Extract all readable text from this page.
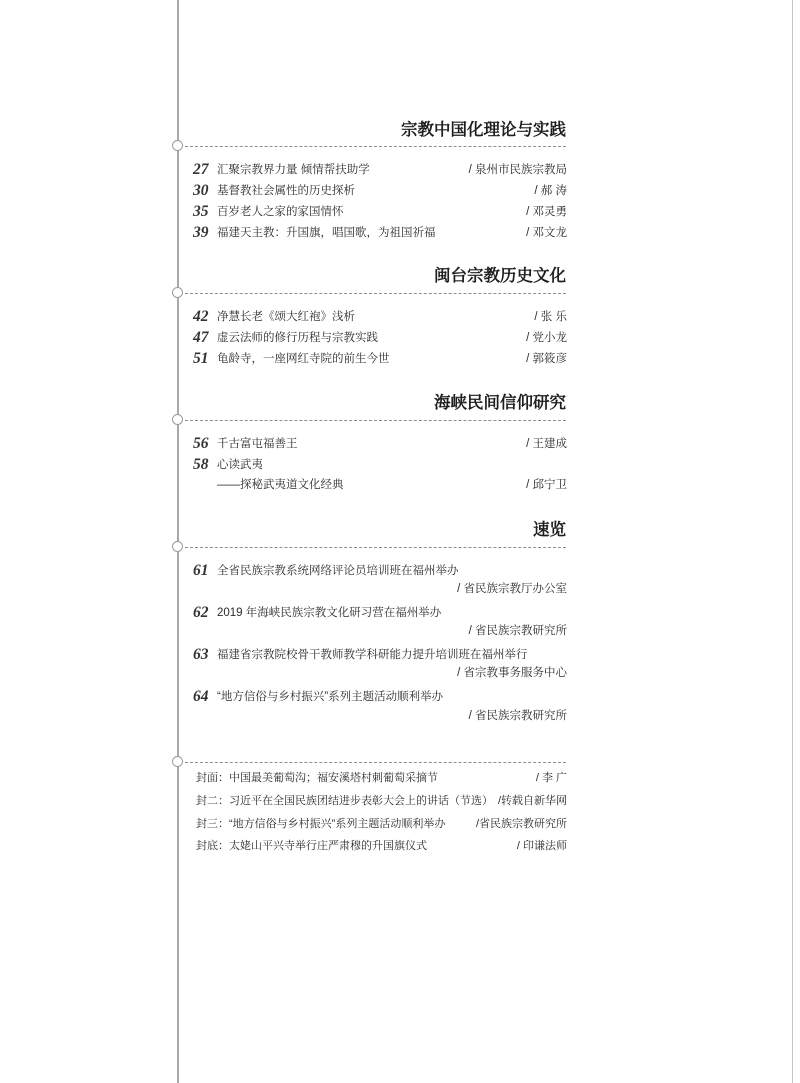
宗教中国化理论与实践
27 汇聚宗教界力量 倾情帮扶助学	/ 泉州市民族宗教局
30 基督教社会属性的历史探析	/ 郝 涛
35 百岁老人之家的家国情怀	/ 邓灵勇
39 福建天主教：升国旗，唱国歌，为祖国祈福	/ 邓文龙
闽台宗教历史文化
42 净慧长老《颂大红袍》浅析	/ 张 乐
47 虚云法师的修行历程与宗教实践	/ 党小龙
51 龟龄寺，一座网红寺院的前生今世	/ 郭筱彦
海峡民间信仰研究
56 千古富屯福善王	/ 王建成
58 心读武夷
——探秘武夷道文化经典	/ 邱宁卫
速览
61 全省民族宗教系统网络评论员培训班在福州举办
/ 省民族宗教厅办公室
62 2019 年海峡民族宗教文化研习营在福州举办
/ 省民族宗教研究所
63 福建省宗教院校骨干教师教学科研能力提升培训班在福州举行
/ 省宗教事务服务中心
64 “地方信俗与乡村振兴”系列主题活动顺利举办
/ 省民族宗教研究所
封面：中国最美葡萄沟；福安溪塔村刺葡萄采摘节	/ 李 广
封二：习近平在全国民族团结进步表彰大会上的讲话（节选） /转载自新华网
封三：“地方信俗与乡村振兴”系列主题活动顺利举办	/省民族宗教研究所
封底：太姥山平兴寺举行庄严肃穆的升国旗仪式	/ 印谦法师
